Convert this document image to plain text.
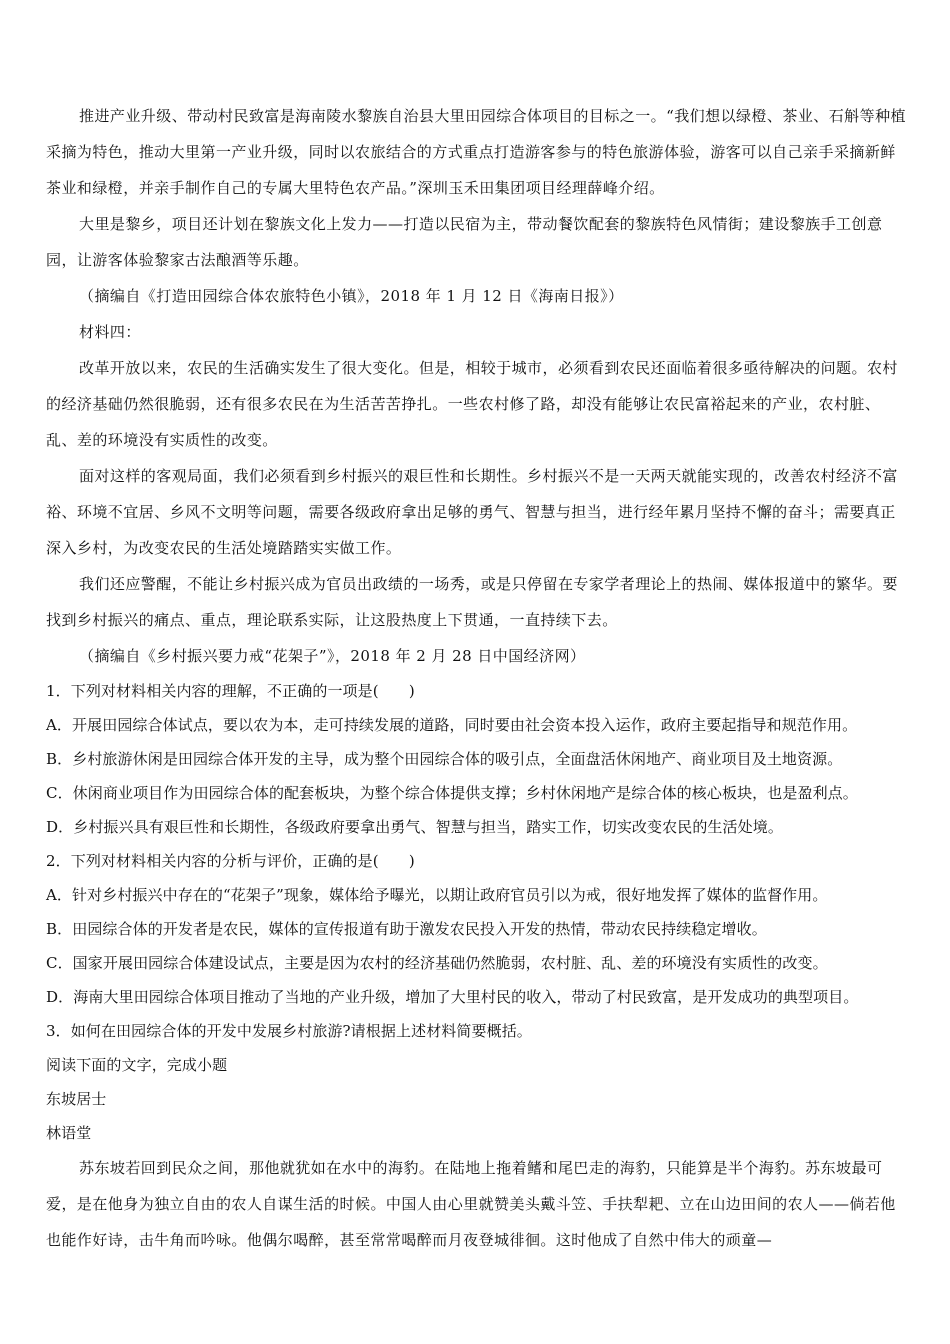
推进产业升级、带动村民致富是海南陵水黎族自治县大里田园综合体项目的目标之一。“我们想以绿橙、茶业、石斛等种植采摘为特色，推动大里第一产业升级，同时以农旅结合的方式重点打造游客参与的特色旅游体验，游客可以自己亲手采摘新鲜茶业和绿橙，并亲手制作自己的专属大里特色农产品。”深圳玉禾田集团项目经理薛峰介绍。

大里是黎乡，项目还计划在黎族文化上发力——打造以民宿为主，带动餐饮配套的黎族特色风情街；建设黎族手工创意园，让游客体验黎家古法酿酒等乐趣。

（摘编自《打造田园综合体农旅特色小镇》，2018 年 1 月 12 日《海南日报》）

材料四：

改革开放以来，农民的生活确实发生了很大变化。但是，相较于城市，必须看到农民还面临着很多亟待解决的问题。农村的经济基础仍然很脆弱，还有很多农民在为生活苦苦挣扎。一些农村修了路，却没有能够让农民富裕起来的产业，农村脏、乱、差的环境没有实质性的改变。

面对这样的客观局面，我们必须看到乡村振兴的艰巨性和长期性。乡村振兴不是一天两天就能实现的，改善农村经济不富裕、环境不宜居、乡风不文明等问题，需要各级政府拿出足够的勇气、智慧与担当，进行经年累月坚持不懈的奋斗；需要真正深入乡村，为改变农民的生活处境踏踏实实做工作。

我们还应警醒，不能让乡村振兴成为官员出政绩的一场秀，或是只停留在专家学者理论上的热闹、媒体报道中的繁华。要找到乡村振兴的痛点、重点，理论联系实际，让这股热度上下贯通，一直持续下去。

（摘编自《乡村振兴要力戒“花架子”》，2018 年 2 月 28 日中国经济网）

1．下列对材料相关内容的理解，不正确的一项是(　　)

A．开展田园综合体试点，要以农为本，走可持续发展的道路，同时要由社会资本投入运作，政府主要起指导和规范作用。

B．乡村旅游休闲是田园综合体开发的主导，成为整个田园综合体的吸引点，全面盘活休闲地产、商业项目及土地资源。

C．休闲商业项目作为田园综合体的配套板块，为整个综合体提供支撑；乡村休闲地产是综合体的核心板块，也是盈利点。

D．乡村振兴具有艰巨性和长期性，各级政府要拿出勇气、智慧与担当，踏实工作，切实改变农民的生活处境。

2．下列对材料相关内容的分析与评价，正确的是(　　)

A．针对乡村振兴中存在的“花架子”现象，媒体给予曝光，以期让政府官员引以为戒，很好地发挥了媒体的监督作用。

B．田园综合体的开发者是农民，媒体的宣传报道有助于激发农民投入开发的热情，带动农民持续稳定增收。

C．国家开展田园综合体建设试点，主要是因为农村的经济基础仍然脆弱，农村脏、乱、差的环境没有实质性的改变。

D．海南大里田园综合体项目推动了当地的产业升级，增加了大里村民的收入，带动了村民致富，是开发成功的典型项目。

3．如何在田园综合体的开发中发展乡村旅游?请根据上述材料简要概括。

阅读下面的文字，完成小题

东坡居士

林语堂

苏东坡若回到民众之间，那他就犹如在水中的海豹。在陆地上拖着鳍和尾巴走的海豹，只能算是半个海豹。苏东坡最可爱，是在他身为独立自由的农人自谋生活的时候。中国人由心里就赞美头戴斗笠、手扶犁耙、立在山边田间的农人——倘若他也能作好诗，击牛角而吟咏。他偶尔喝醉，甚至常常喝醉而月夜登城徘徊。这时他成了自然中伟大的顽童—
